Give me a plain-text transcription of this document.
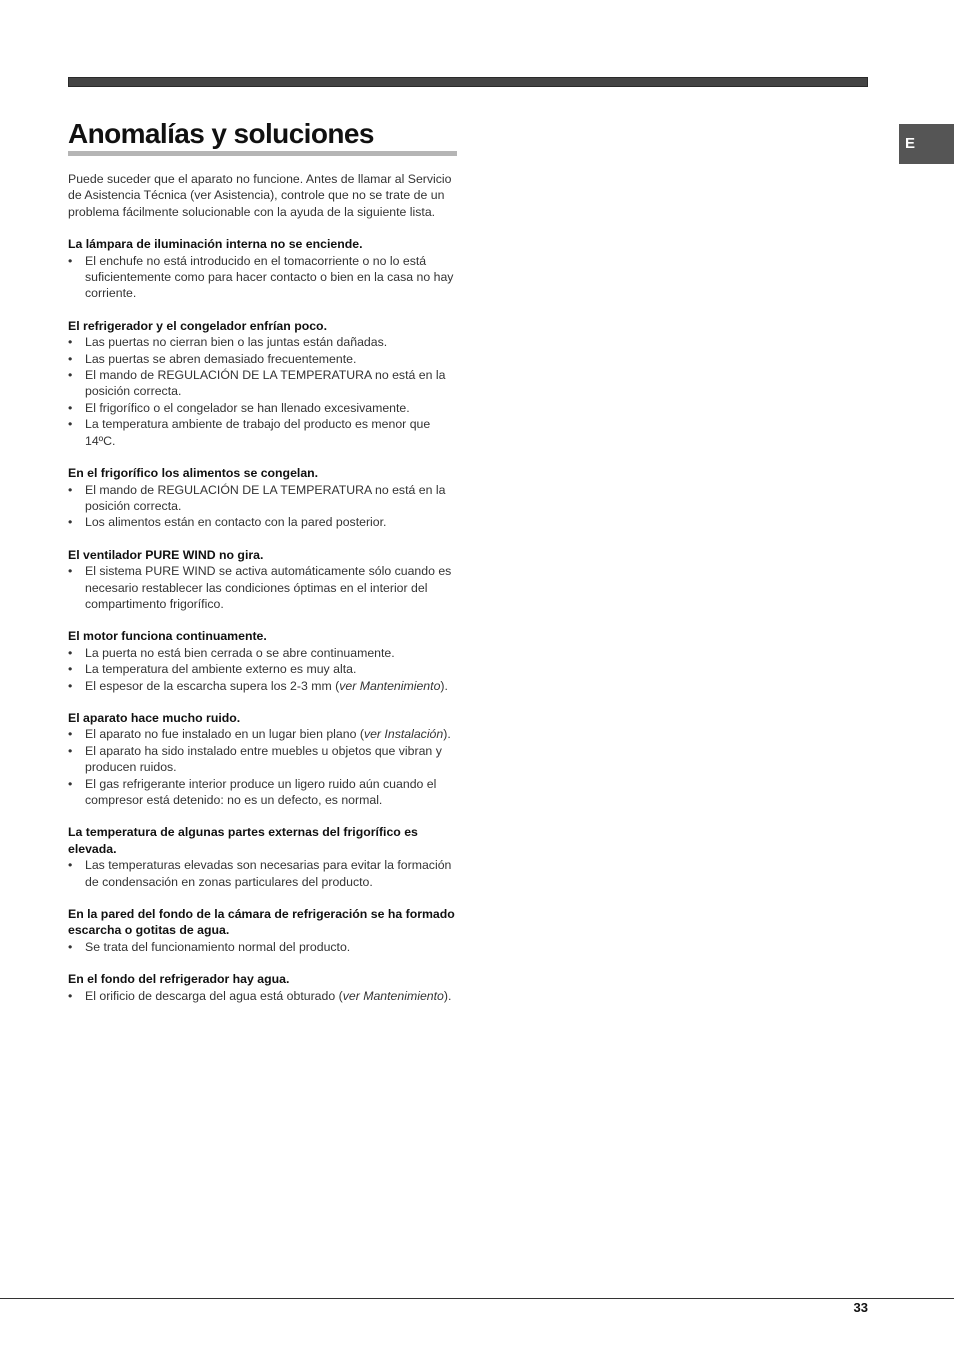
E
Anomalías y soluciones

Puede suceder que el aparato no funcione. Antes de llamar al Servicio de Asistencia Técnica (ver Asistencia), controle que no se trate de un problema fácilmente solucionable con la ayuda de la siguiente lista.

La lámpara de iluminación interna no se enciende.

• El enchufe no está introducido en el tomacorriente o no lo está suficientemente como para hacer contacto o bien en la casa no hay corriente.

El refrigerador y el congelador enfrían poco.

• Las puertas no cierran bien o las juntas están dañadas.
• Las puertas se abren demasiado frecuentemente.
• El mando de REGULACIÓN DE LA TEMPERATURA no está en la posición correcta.
• El frigorífico o el congelador se han llenado excesivamente.
• La temperatura ambiente de trabajo del producto es menor que 14ºC.

En el frigorífico los alimentos se congelan.

• El mando de REGULACIÓN DE LA TEMPERATURA no está en la posición correcta.
• Los alimentos están en contacto con la pared posterior.

El ventilador PURE WIND no gira.

• El sistema PURE WIND se activa automáticamente sólo cuando es necesario restablecer las condiciones óptimas en el interior del compartimento frigorífico.

El motor funciona continuamente.

• La puerta no está bien cerrada o se abre continuamente.
• La temperatura del ambiente externo es muy alta.
• El espesor de la escarcha supera los 2-3 mm (ver Mantenimiento).

El aparato hace mucho ruido.

• El aparato no fue instalado en un lugar bien plano (ver Instalación).
• El aparato ha sido instalado entre muebles u objetos que vibran y producen ruidos.
• El gas refrigerante interior produce un ligero ruido aún cuando el compresor está detenido: no es un defecto, es normal.

La temperatura de algunas partes externas del frigorífico es elevada.

• Las temperaturas elevadas son necesarias para evitar la formación de condensación en zonas particulares del producto.

En la pared del fondo de la cámara de refrigeración se ha formado escarcha o gotitas de agua.

• Se trata del funcionamiento normal del producto.

En el fondo del refrigerador hay agua.

• El orificio de descarga del agua está obturado (ver Mantenimiento).
33
